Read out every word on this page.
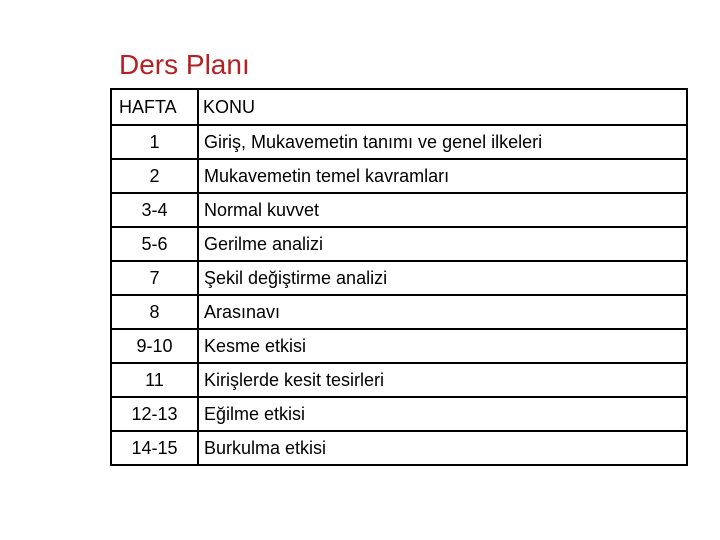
Ders Planı
HAFTA	KONU
1	Giriş, Mukavemetin tanımı ve genel ilkeleri
2	Mukavemetin temel kavramları
3-4	Normal kuvvet
5-6	Gerilme analizi
7	Şekil değiştirme analizi
8	Arasınavı
9-10	Kesme etkisi
11	Kirişlerde kesit tesirleri
12-13	Eğilme etkisi
14-15	Burkulma etkisi
